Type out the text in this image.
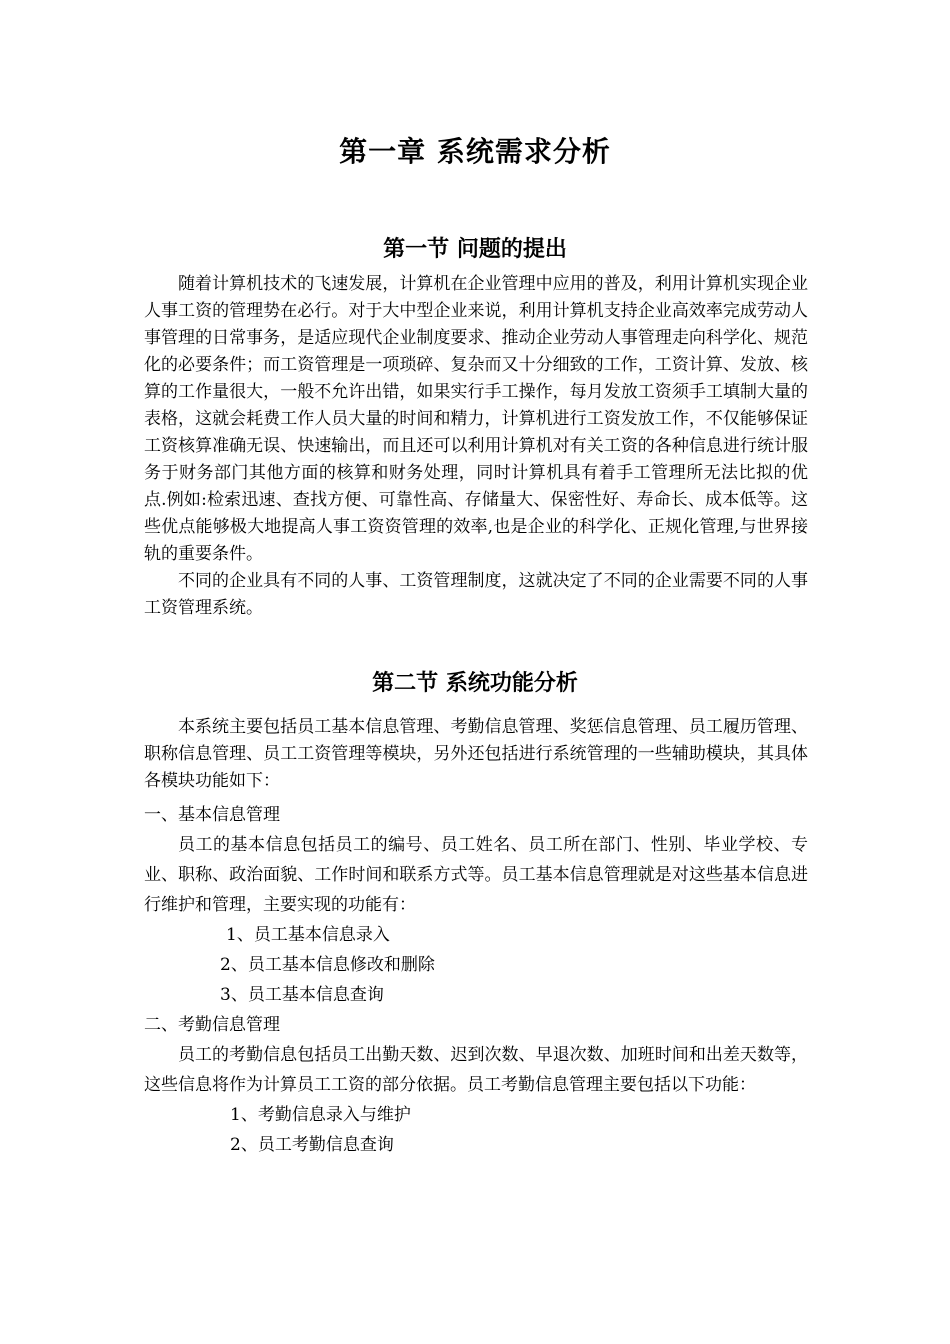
第一章 系统需求分析
第一节 问题的提出

随着计算机技术的飞速发展，计算机在企业管理中应用的普及，利用计算机实现企业人事工资的管理势在必行。对于大中型企业来说，利用计算机支持企业高效率完成劳动人事管理的日常事务，是适应现代企业制度要求、推动企业劳动人事管理走向科学化、规范化的必要条件；而工资管理是一项琐碎、复杂而又十分细致的工作，工资计算、发放、核算的工作量很大，一般不允许出错，如果实行手工操作，每月发放工资须手工填制大量的表格，这就会耗费工作人员大量的时间和精力，计算机进行工资发放工作，不仅能够保证工资核算准确无误、快速输出，而且还可以利用计算机对有关工资的各种信息进行统计服务于财务部门其他方面的核算和财务处理，同时计算机具有着手工管理所无法比拟的优点.例如:检索迅速、查找方便、可靠性高、存储量大、保密性好、寿命长、成本低等。这些优点能够极大地提高人事工资资管理的效率,也是企业的科学化、正规化管理,与世界接轨的重要条件。

不同的企业具有不同的人事、工资管理制度，这就决定了不同的企业需要不同的人事工资管理系统。

第二节 系统功能分析

本系统主要包括员工基本信息管理、考勤信息管理、奖惩信息管理、员工履历管理、职称信息管理、员工工资管理等模块，另外还包括进行系统管理的一些辅助模块，其具体各模块功能如下：

一、基本信息管理

员工的基本信息包括员工的编号、员工姓名、员工所在部门、性别、毕业学校、专业、职称、政治面貌、工作时间和联系方式等。员工基本信息管理就是对这些基本信息进行维护和管理，主要实现的功能有：

1、员工基本信息录入

2、员工基本信息修改和删除

3、员工基本信息查询

二、考勤信息管理

员工的考勤信息包括员工出勤天数、迟到次数、早退次数、加班时间和出差天数等，这些信息将作为计算员工工资的部分依据。员工考勤信息管理主要包括以下功能：

1、考勤信息录入与维护

2、员工考勤信息查询
